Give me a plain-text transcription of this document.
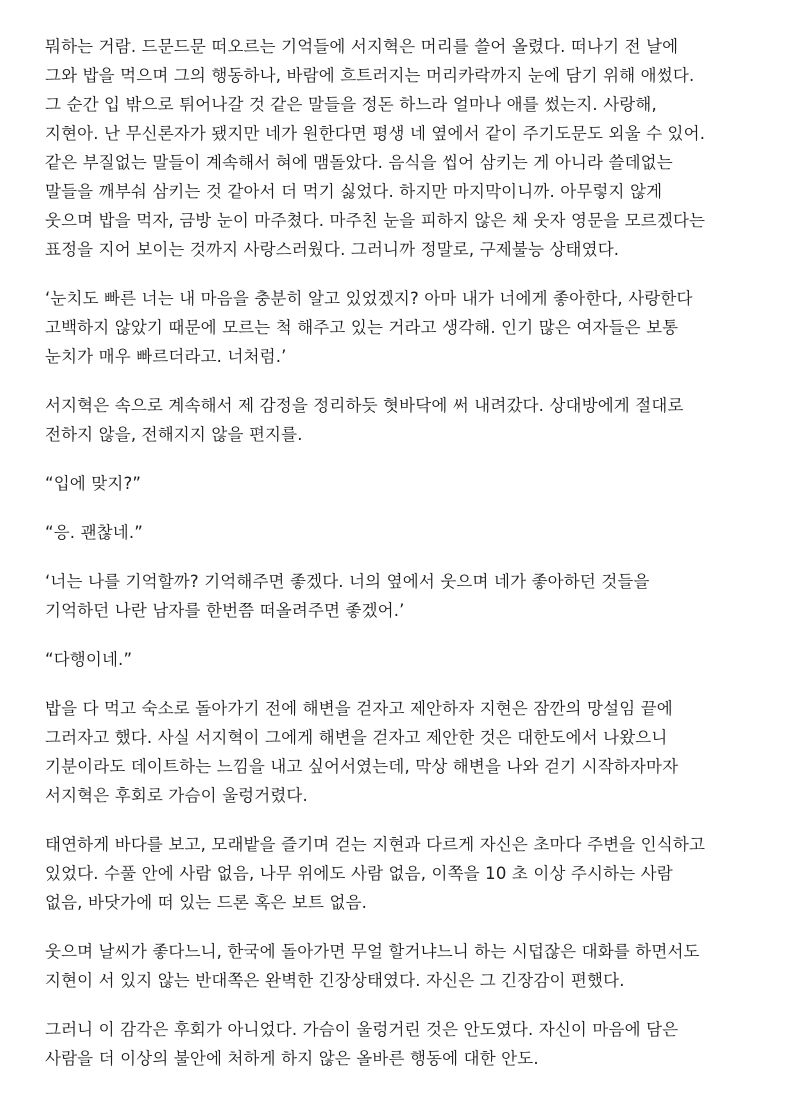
뭐하는 거람. 드문드문 떠오르는 기억들에 서지혁은 머리를 쓸어 올렸다. 떠나기 전 날에
그와 밥을 먹으며 그의 행동하나, 바람에 흐트러지는 머리카락까지 눈에 담기 위해 애썼다.
그 순간 입 밖으로 튀어나갈 것 같은 말들을 정돈 하느라 얼마나 애를 썼는지. 사랑해,
지현아. 난 무신론자가 됐지만 네가 원한다면 평생 네 옆에서 같이 주기도문도 외울 수 있어.
같은 부질없는 말들이 계속해서 혀에 맴돌았다. 음식을 씹어 삼키는 게 아니라 쓸데없는
말들을 깨부숴 삼키는 것 같아서 더 먹기 싫었다. 하지만 마지막이니까. 아무렇지 않게
웃으며 밥을 먹자, 금방 눈이 마주쳤다. 마주친 눈을 피하지 않은 채 웃자 영문을 모르겠다는
표정을 지어 보이는 것까지 사랑스러웠다. 그러니까 정말로, 구제불능 상태였다.

‘눈치도 빠른 너는 내 마음을 충분히 알고 있었겠지? 아마 내가 너에게 좋아한다, 사랑한다
고백하지 않았기 때문에 모르는 척 해주고 있는 거라고 생각해. 인기 많은 여자들은 보통
눈치가 매우 빠르더라고. 너처럼.’

서지혁은 속으로 계속해서 제 감정을 정리하듯 혓바닥에 써 내려갔다. 상대방에게 절대로
전하지 않을, 전해지지 않을 편지를.

“입에 맞지?”

“응. 괜찮네.”

‘너는 나를 기억할까? 기억해주면 좋겠다. 너의 옆에서 웃으며 네가 좋아하던 것들을
기억하던 나란 남자를 한번쯤 떠올려주면 좋겠어.’

“다행이네.”

밥을 다 먹고 숙소로 돌아가기 전에 해변을 걷자고 제안하자 지현은 잠깐의 망설임 끝에
그러자고 했다. 사실 서지혁이 그에게 해변을 걷자고 제안한 것은 대한도에서 나왔으니
기분이라도 데이트하는 느낌을 내고 싶어서였는데, 막상 해변을 나와 걷기 시작하자마자
서지혁은 후회로 가슴이 울렁거렸다.

태연하게 바다를 보고, 모래밭을 즐기며 걷는 지현과 다르게 자신은 초마다 주변을 인식하고
있었다. 수풀 안에 사람 없음, 나무 위에도 사람 없음, 이쪽을 10 초 이상 주시하는 사람
없음, 바닷가에 떠 있는 드론 혹은 보트 없음.

웃으며 날씨가 좋다느니, 한국에 돌아가면 무얼 할거냐느니 하는 시덥잖은 대화를 하면서도
지현이 서 있지 않는 반대쪽은 완벽한 긴장상태였다. 자신은 그 긴장감이 편했다.

그러니 이 감각은 후회가 아니었다. 가슴이 울렁거린 것은 안도였다. 자신이 마음에 담은
사람을 더 이상의 불안에 처하게 하지 않은 올바른 행동에 대한 안도.
